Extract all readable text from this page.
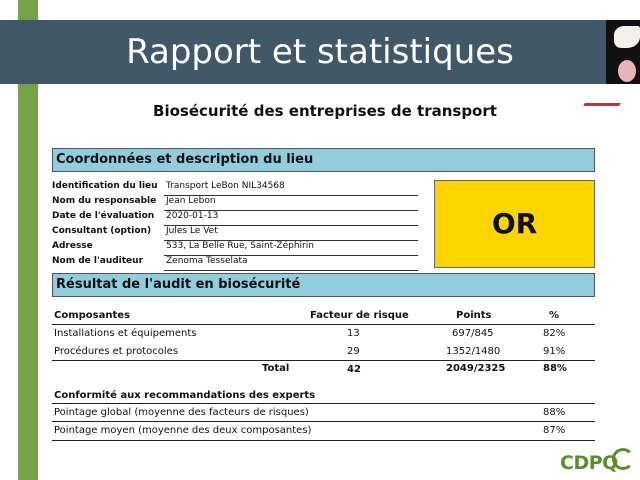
Rapport et statistiques
Biosécurité des entreprises de transport
Coordonnées et description du lieu
Identification du lieu Transport LeBon NIL34568
Nom du responsable	Jean Lebon
Date de l'évaluation	2020-01-13
Consultant (option)	Jules Le Vet
Adresse	533, La Belle Rue, Saint-Zéphirin
Nom de l'auditeur	Zenoma Tesselata
OR
Résultat de l'audit en biosécurité
Composantes	Facteur de risque	Points	%
Installations et équipements	13	697/845	82%
Procédures et protocoles	29	1352/1480	91%
Total	42	2049/2325	88%
Conformité aux recommandations des experts
Pointage global (moyenne des facteurs de risques)	88%
Pointage moyen (moyenne des deux composantes)	87%
CDPQ
